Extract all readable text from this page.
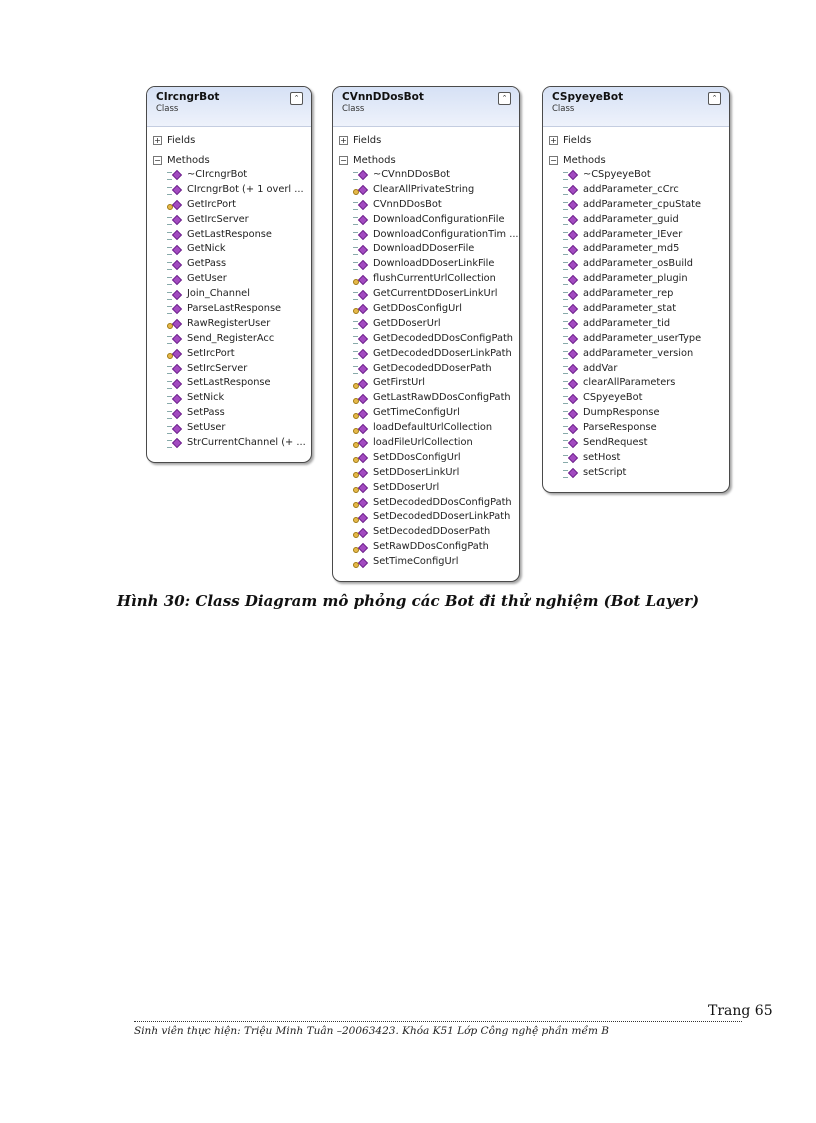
CIrcngrBot
Class
⌃
+ Fields
− Methods
~CIrcngrBot
CIrcngrBot (+ 1 overl ...
GetIrcPort
GetIrcServer
GetLastResponse
GetNick
GetPass
GetUser
Join_Channel
ParseLastResponse
RawRegisterUser
Send_RegisterAcc
SetIrcPort
SetIrcServer
SetLastResponse
SetNick
SetPass
SetUser
StrCurrentChannel (+ ...
CVnnDDosBot
Class
⌃
+ Fields
− Methods
~CVnnDDosBot
ClearAllPrivateString
CVnnDDosBot
DownloadConfigurationFile
DownloadConfigurationTim ...
DownloadDDoserFile
DownloadDDoserLinkFile
flushCurrentUrlCollection
GetCurrentDDoserLinkUrl
GetDDosConfigUrl
GetDDoserUrl
GetDecodedDDosConfigPath
GetDecodedDDoserLinkPath
GetDecodedDDoserPath
GetFirstUrl
GetLastRawDDosConfigPath
GetTimeConfigUrl
loadDefaultUrlCollection
loadFileUrlCollection
SetDDosConfigUrl
SetDDoserLinkUrl
SetDDoserUrl
SetDecodedDDosConfigPath
SetDecodedDDoserLinkPath
SetDecodedDDoserPath
SetRawDDosConfigPath
SetTimeConfigUrl
CSpyeyeBot
Class
⌃
+ Fields
− Methods
~CSpyeyeBot
addParameter_cCrc
addParameter_cpuState
addParameter_guid
addParameter_IEver
addParameter_md5
addParameter_osBuild
addParameter_plugin
addParameter_rep
addParameter_stat
addParameter_tid
addParameter_userType
addParameter_version
addVar
clearAllParameters
CSpyeyeBot
DumpResponse
ParseResponse
SendRequest
setHost
setScript
Hình 30: Class Diagram mô phỏng các Bot đi thử nghiệm (Bot Layer)
Trang 65
Sinh viên thực hiện: Triệu Minh Tuân –20063423. Khóa K51 Lớp Công nghệ phần mềm B
